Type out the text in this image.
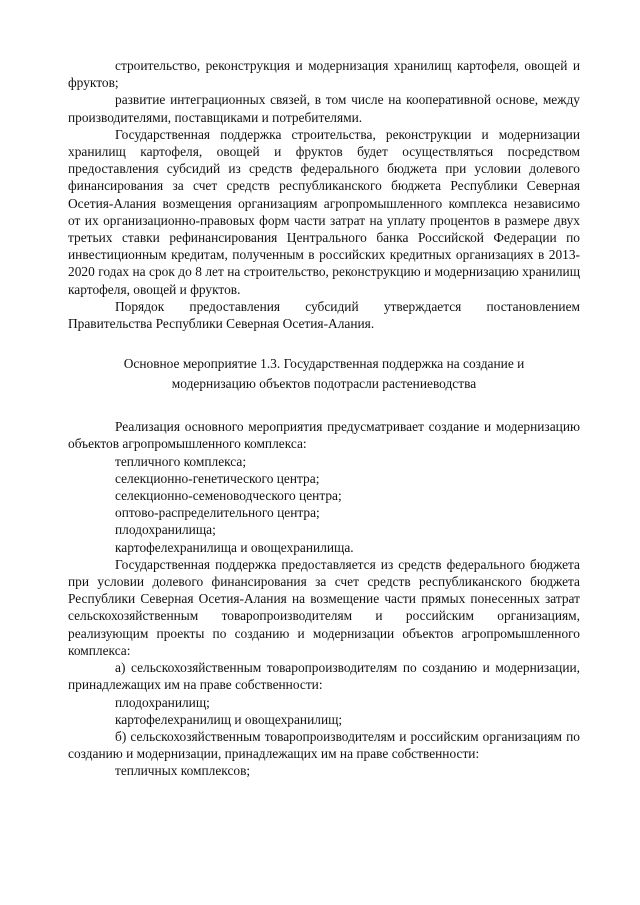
строительство, реконструкция и модернизация хранилищ картофеля, овощей и фруктов;

развитие интеграционных связей, в том числе на кооперативной основе, между производителями, поставщиками и потребителями.

Государственная поддержка строительства, реконструкции и модернизации хранилищ картофеля, овощей и фруктов будет осуществляться посредством предоставления субсидий из средств федерального бюджета при условии долевого финансирования за счет средств республиканского бюджета Республики Северная Осетия-Алания возмещения организациям агропромышленного комплекса независимо от их организационно-правовых форм части затрат на уплату процентов в размере двух третьих ставки рефинансирования Центрального банка Российской Федерации по инвестиционным кредитам, полученным в российских кредитных организациях в 2013-2020 годах на срок до 8 лет на строительство, реконструкцию и модернизацию хранилищ картофеля, овощей и фруктов.

Порядок предоставления субсидий утверждается постановлением Правительства Республики Северная Осетия-Алания.

Основное мероприятие 1.3. Государственная поддержка на создание и
модернизацию объектов подотрасли растениеводства

Реализация основного мероприятия предусматривает создание и модернизацию объектов агропромышленного комплекса:

тепличного комплекса;

селекционно-генетического центра;

селекционно-семеноводческого центра;

оптово-распределительного центра;

плодохранилища;

картофелехранилища и овощехранилища.

Государственная поддержка предоставляется из средств федерального бюджета при условии долевого финансирования за счет средств республиканского бюджета Республики Северная Осетия-Алания на возмещение части прямых понесенных затрат сельскохозяйственным товаропроизводителям и российским организациям, реализующим проекты по созданию и модернизации объектов агропромышленного комплекса:

а) сельскохозяйственным товаропроизводителям по созданию и модернизации, принадлежащих им на праве собственности:

плодохранилищ;

картофелехранилищ и овощехранилищ;

б) сельскохозяйственным товаропроизводителям и российским организациям по созданию и модернизации, принадлежащих им на праве собственности:

тепличных комплексов;
